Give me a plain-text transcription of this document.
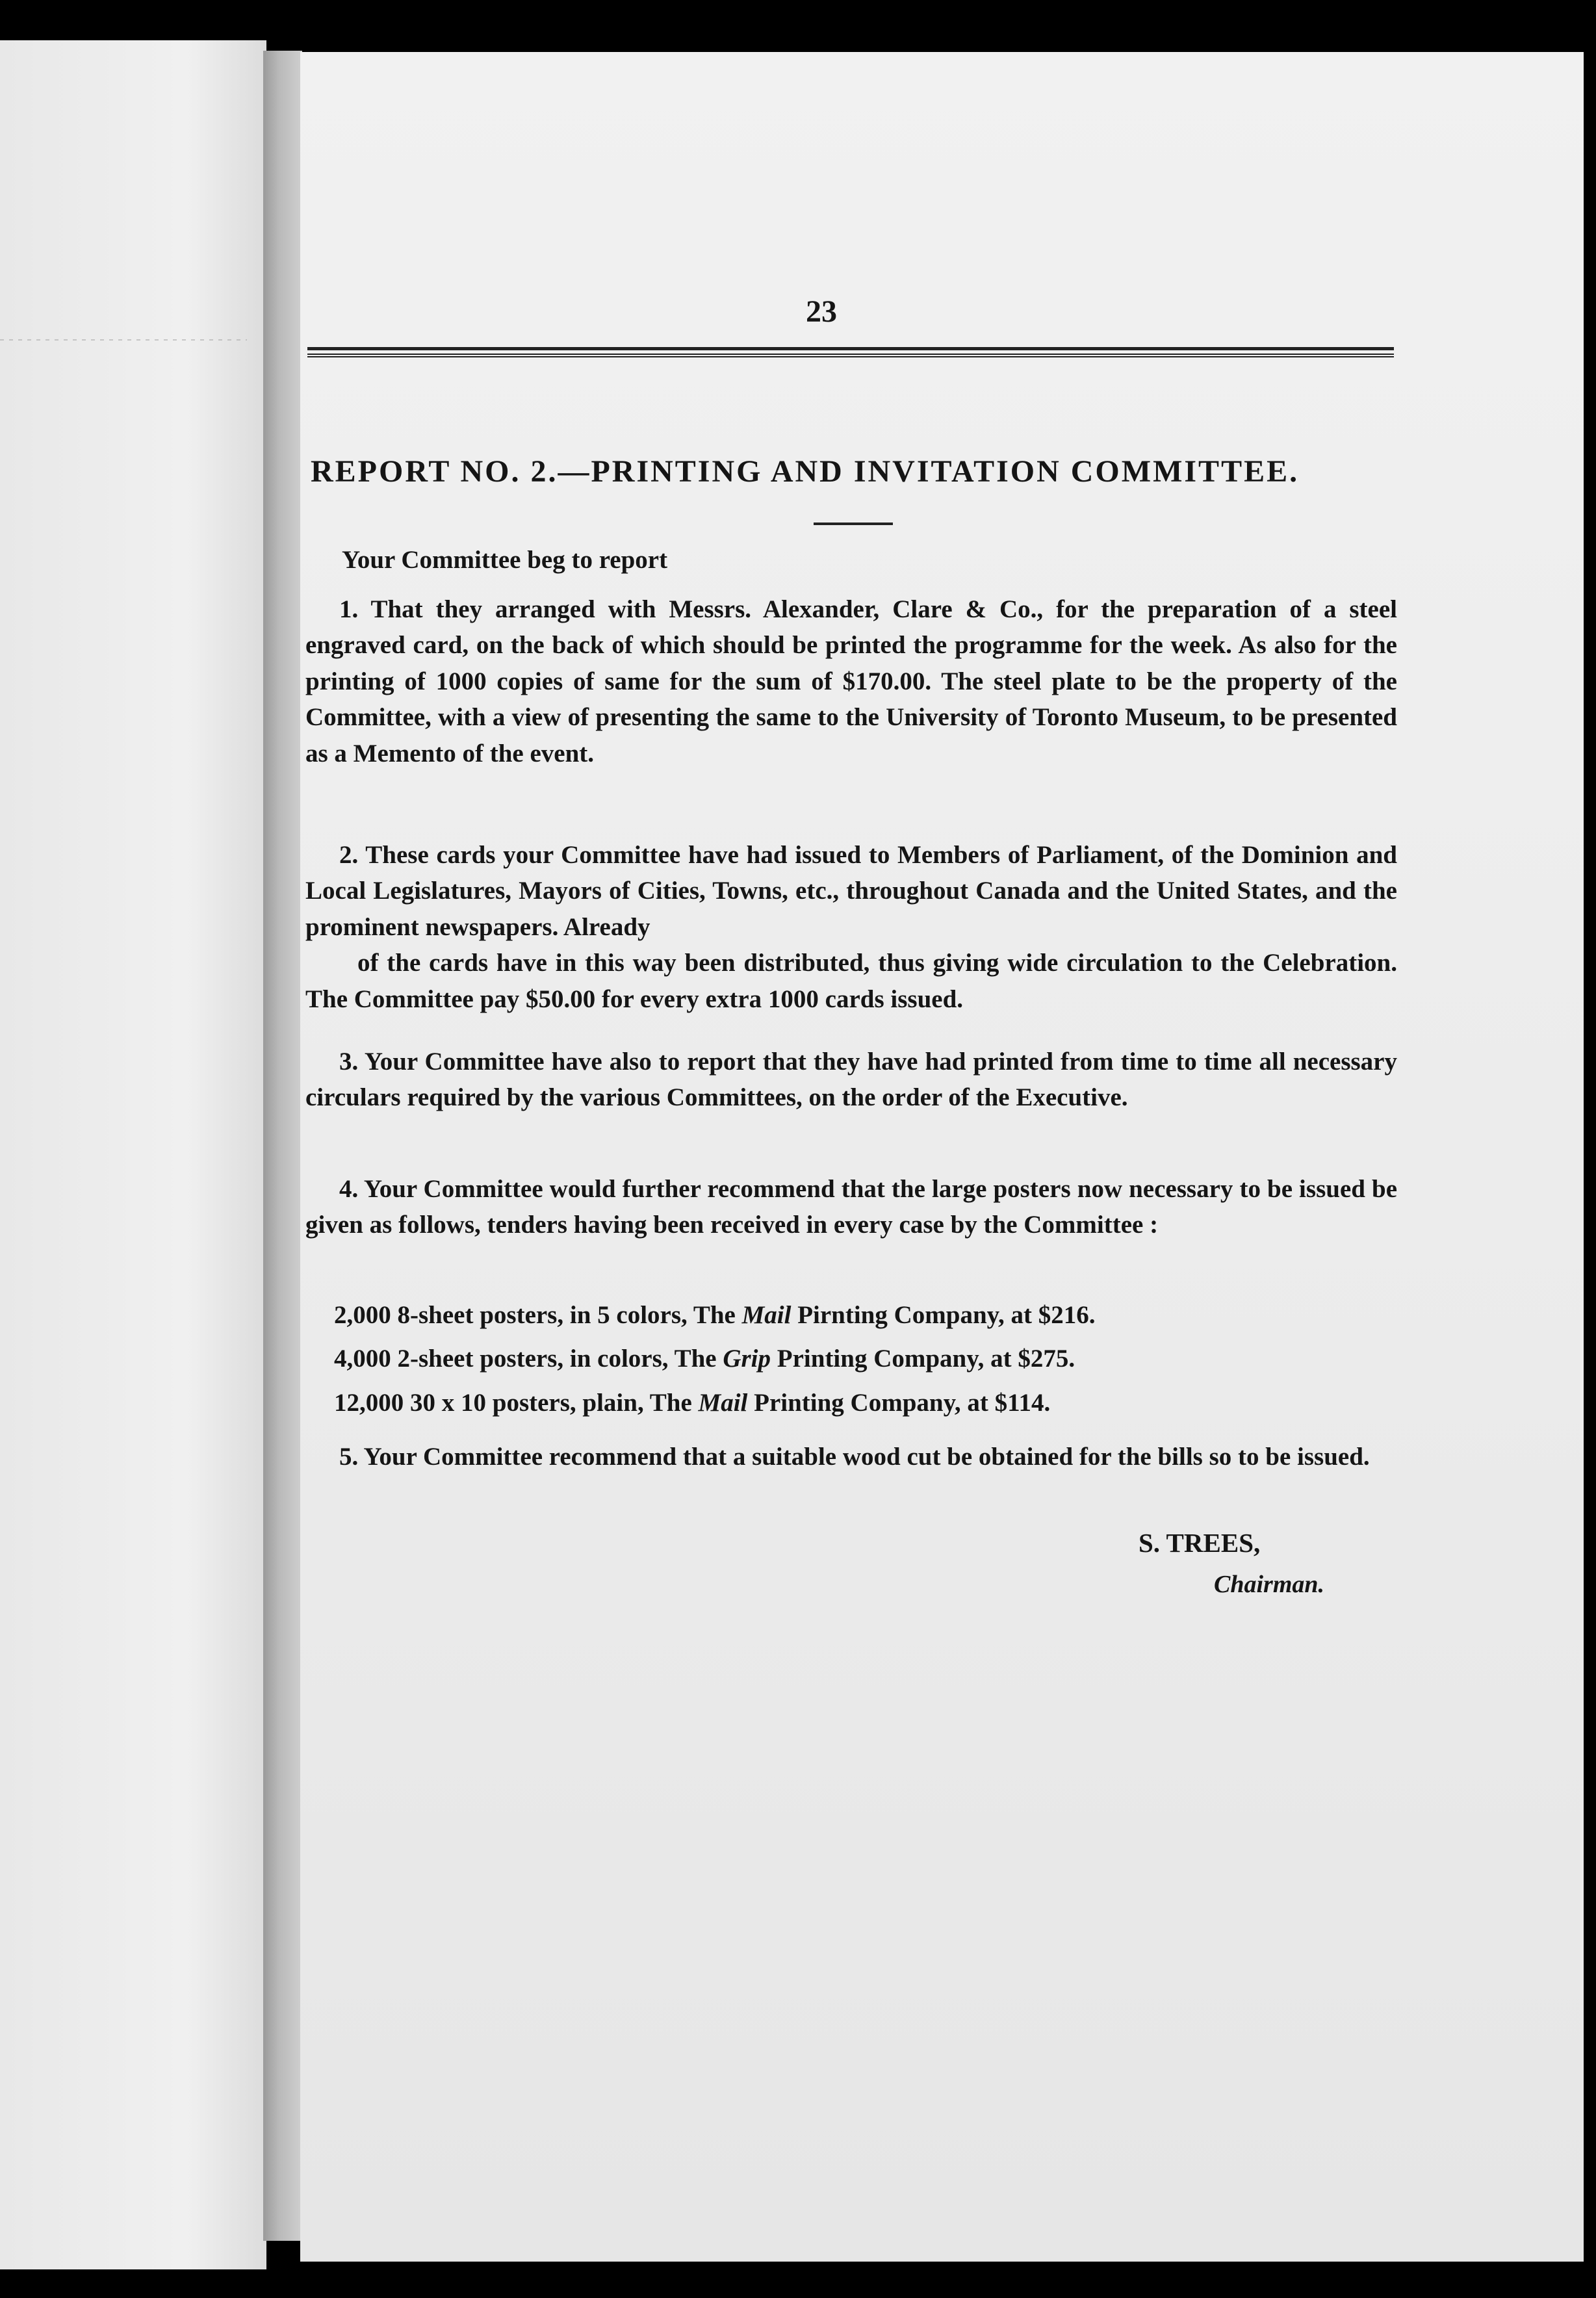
23
REPORT NO. 2.—PRINTING AND INVITATION COMMITTEE.

Your Committee beg to report

1. That they arranged with Messrs. Alexander, Clare & Co., for the preparation of a steel engraved card, on the back of which should be printed the programme for the week. As also for the printing of 1000 copies of same for the sum of $170.00. The steel plate to be the property of the Committee, with a view of presenting the same to the University of Toronto Museum, to be presented as a Memento of the event.

2. These cards your Committee have had issued to Members of Parliament, of the Dominion and Local Legislatures, Mayors of Cities, Towns, etc., throughout Canada and the United States, and the prominent newspapers. Already

of the cards have in this way been distributed, thus giving wide circulation to the Celebration. The Committee pay $50.00 for every extra 1000 cards issued.

3. Your Committee have also to report that they have had printed from time to time all necessary circulars required by the various Committees, on the order of the Executive.

4. Your Committee would further recommend that the large posters now necessary to be issued be given as follows, tenders having been received in every case by the Committee :

2,000 8-sheet posters, in 5 colors, The Mail Pirnting Company, at $216.

4,000 2-sheet posters, in colors, The Grip Printing Company, at $275.

12,000 30 x 10 posters, plain, The Mail Printing Company, at $114.

5. Your Committee recommend that a suitable wood cut be obtained for the bills so to be issued.

S. TREES,
Chairman.
